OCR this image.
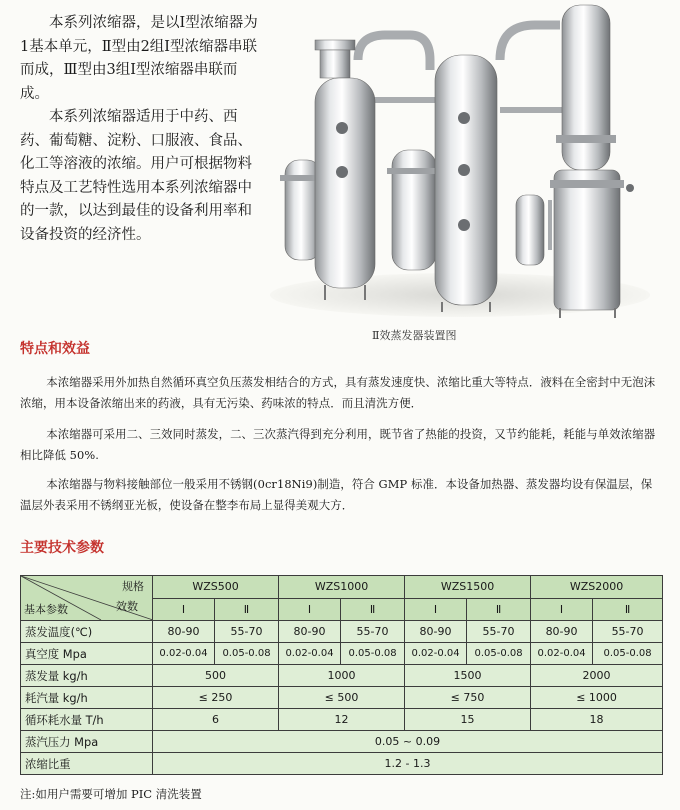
本系列浓缩器，是以Ⅰ型浓缩器为1基本单元，Ⅱ型由2组Ⅰ型浓缩器串联而成，Ⅲ型由3组Ⅰ型浓缩器串联而成。

本系列浓缩器适用于中药、西药、葡萄糖、淀粉、口服液、食品、化工等溶液的浓缩。用户可根据物料特点及工艺特性选用本系列浓缩器中的一款，以达到最佳的设备利用率和设备投资的经济性。

Ⅱ效蒸发器装置图
特点和效益

本浓缩器采用外加热自然循环真空负压蒸发相结合的方式，具有蒸发速度快、浓缩比重大等特点．液料在全密封中无泡沫浓缩，用本设备浓缩出来的药液，具有无污染、药味浓的特点．而且清洗方便．

本浓缩器可采用二、三效同时蒸发，二、三次蒸汽得到充分利用，既节省了热能的投资，又节约能耗，耗能与单效浓缩器相比降低 50%.

本浓缩器与物料接触部位一般采用不锈钢(0cr18Ni9)制造，符合 GMP 标准．本设备加热器、蒸发器均设有保温层，保温层外表采用不锈纲亚光板，使设备在整李布局上显得美观大方．

主要技术参数
规格
效数
基本参数	WZS500		WZS1000		WZS1500		WZS2000	
	Ⅰ	Ⅱ	Ⅰ	Ⅱ	Ⅰ	Ⅱ	Ⅰ	Ⅱ
蒸发温度(℃)	80-90	55-70	80-90	55-70	80-90	55-70	80-90	55-70
真空度 Mpa	0.02-0.04	0.05-0.08	0.02-0.04	0.05-0.08	0.02-0.04	0.05-0.08	0.02-0.04	0.05-0.08
蒸发量 kg/h	500		1000		1500		2000	
耗汽量 kg/h	≤ 250		≤ 500		≤ 750		≤ 1000	
循环耗水量 T/h	6		12		15		18	
蒸汽压力 Mpa	0.05 ~ 0.09							
浓缩比重	1.2 - 1.3							
注:如用户需要可增加 PIC 清洗装置
